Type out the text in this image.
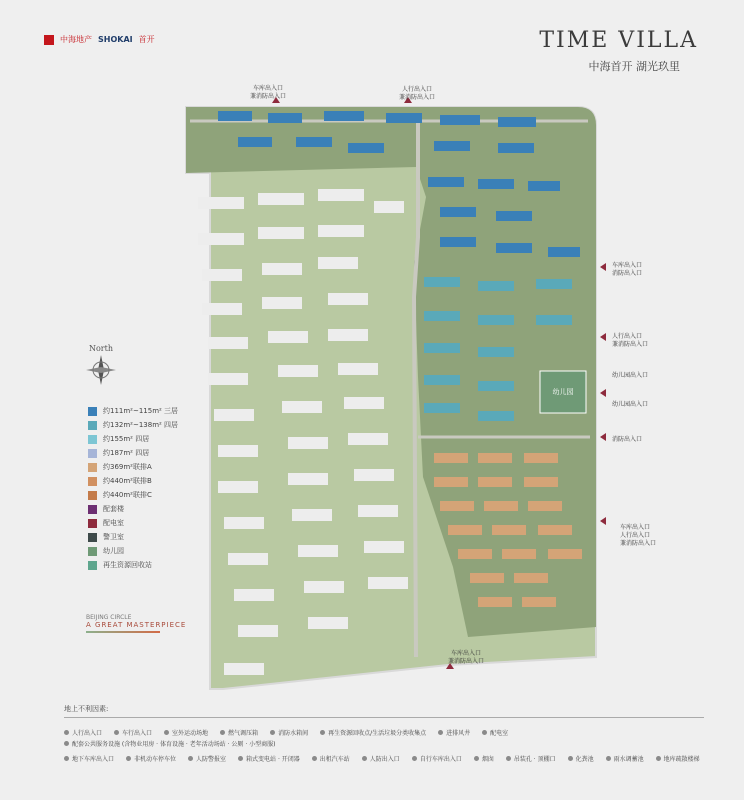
中海地产 SHOKAI 首开	TIME VILLA
中海首开 湖光玖里
幼儿园
车库出入口
兼消防出入口
人行出入口
兼消防出入口
车库出入口
消防出入口
人行出入口
兼消防出入口
幼儿园出入口
幼儿园出入口
消防出入口
车库出入口
人行出入口
兼消防出入口
车库出入口
兼消防出入口
North
约111m²~115m² 三居
约132m²~138m² 四居
约155m² 四居
约187m² 四居
约369m²联排A
约440m²联排B
约440m²联排C
配套楼
配电室
警卫室
幼儿园
再生资源回收站
BEIJING CIRCLE
A GREAT MASTERPIECE
地上不利因素:
人行出入口	车行出入口	室外运动场地	燃气调压箱	消防水箱间	再生资源回收点/生活垃圾分类收集点	进排风井	配电室
配套公共服务设施 (含物业用房 · 体育设施 · 老年活动场站 · 公厕 · 小型商服)
地下车库出入口	非机动车停车位	人防警报室	箱式变电站 · 开闭器	出租汽车站	人防出入口	自行车库出入口	烟囱	吊装孔 · 顶棚口	化粪池	雨水调蓄池	地库疏散楼梯
